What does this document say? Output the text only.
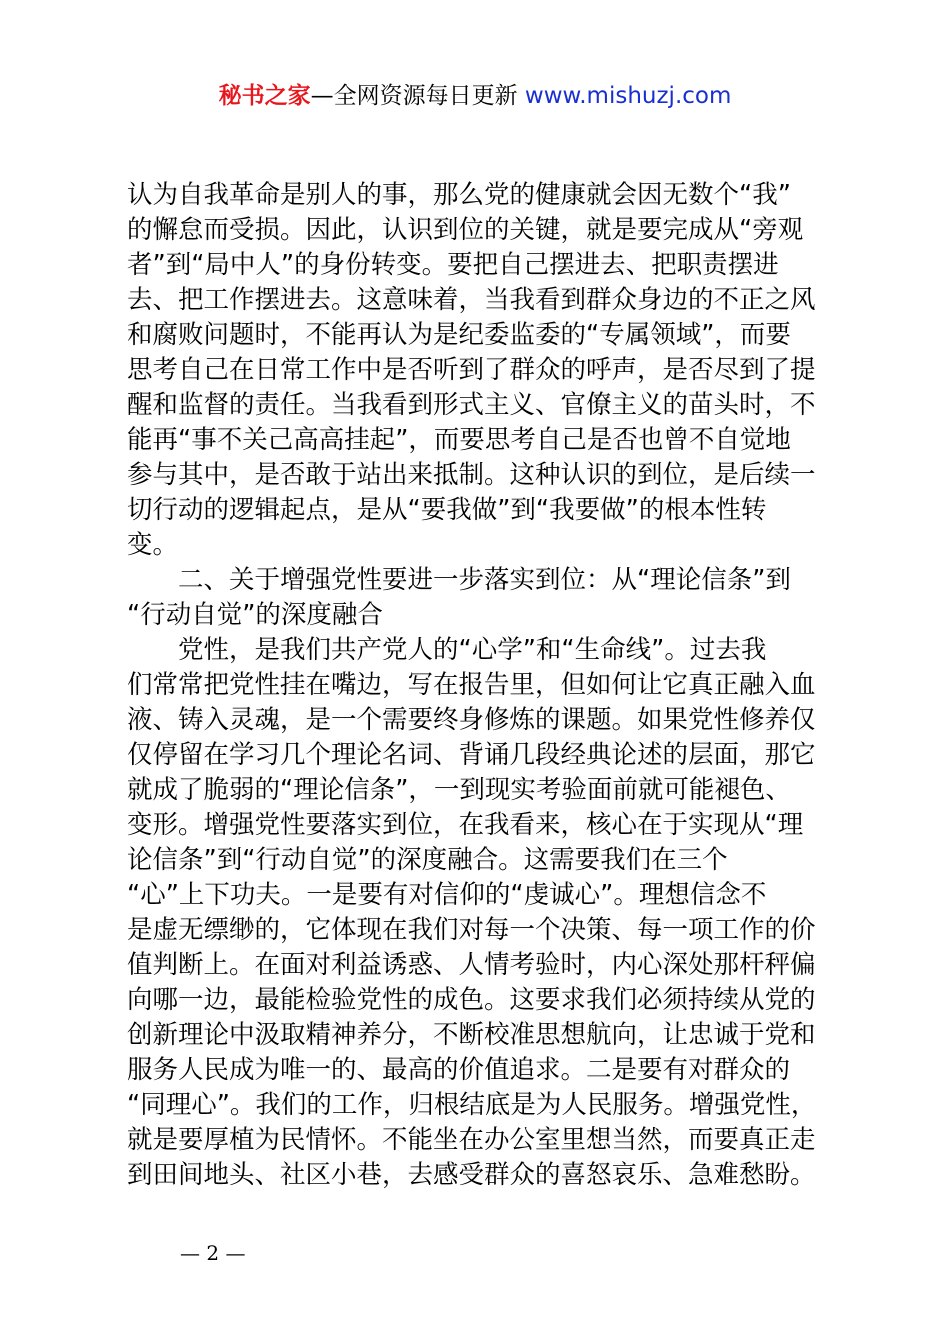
秘书之家—全网资源每日更新 www.mishuzj.com
认为自我革命是别人的事，那么党的健康就会因无数个“我”
的懈怠而受损。因此，认识到位的关键，就是要完成从“旁观
者”到“局中人”的身份转变。要把自己摆进去、把职责摆进
去、把工作摆进去。这意味着，当我看到群众身边的不正之风
和腐败问题时，不能再认为是纪委监委的“专属领域”，而要
思考自己在日常工作中是否听到了群众的呼声，是否尽到了提
醒和监督的责任。当我看到形式主义、官僚主义的苗头时，不
能再“事不关己高高挂起”，而要思考自己是否也曾不自觉地
参与其中，是否敢于站出来抵制。这种认识的到位，是后续一
切行动的逻辑起点，是从“要我做”到“我要做”的根本性转
变。
二、关于增强党性要进一步落实到位：从“理论信条”到
“行动自觉”的深度融合
党性，是我们共产党人的“心学”和“生命线”。过去我
们常常把党性挂在嘴边，写在报告里，但如何让它真正融入血
液、铸入灵魂，是一个需要终身修炼的课题。如果党性修养仅
仅停留在学习几个理论名词、背诵几段经典论述的层面，那它
就成了脆弱的“理论信条”，一到现实考验面前就可能褪色、
变形。增强党性要落实到位，在我看来，核心在于实现从“理
论信条”到“行动自觉”的深度融合。这需要我们在三个
“心”上下功夫。一是要有对信仰的“虔诚心”。理想信念不
是虚无缥缈的，它体现在我们对每一个决策、每一项工作的价
值判断上。在面对利益诱惑、人情考验时，内心深处那杆秤偏
向哪一边，最能检验党性的成色。这要求我们必须持续从党的
创新理论中汲取精神养分，不断校准思想航向，让忠诚于党和
服务人民成为唯一的、最高的价值追求。二是要有对群众的
“同理心”。我们的工作，归根结底是为人民服务。增强党性，
就是要厚植为民情怀。不能坐在办公室里想当然，而要真正走
到田间地头、社区小巷，去感受群众的喜怒哀乐、急难愁盼。
— 2 —
